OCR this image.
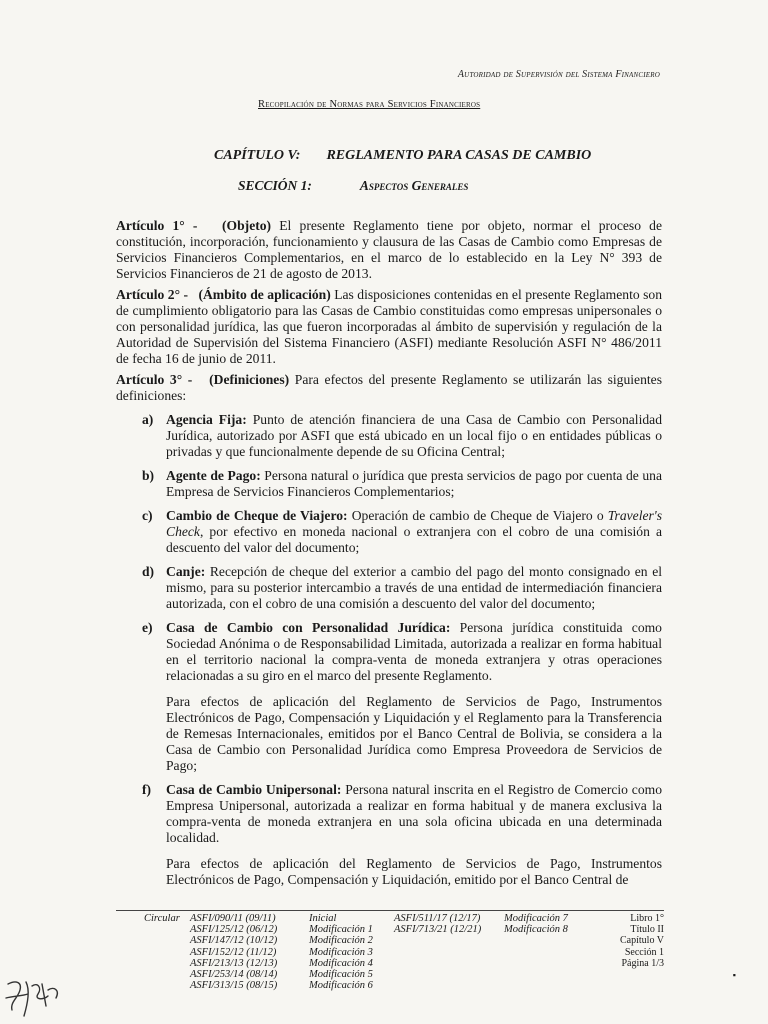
Autoridad de Supervisión del Sistema Financiero
Recopilación de Normas para Servicios Financieros
CAPÍTULO V: REGLAMENTO PARA CASAS DE CAMBIO
SECCIÓN 1:	Aspectos Generales

Artículo 1° - (Objeto) El presente Reglamento tiene por objeto, normar el proceso de constitución, incorporación, funcionamiento y clausura de las Casas de Cambio como Empresas de Servicios Financieros Complementarios, en el marco de lo establecido en la Ley N° 393 de Servicios Financieros de 21 de agosto de 2013.

Artículo 2° - (Ámbito de aplicación) Las disposiciones contenidas en el presente Reglamento son de cumplimiento obligatorio para las Casas de Cambio constituidas como empresas unipersonales o con personalidad jurídica, las que fueron incorporadas al ámbito de supervisión y regulación de la Autoridad de Supervisión del Sistema Financiero (ASFI) mediante Resolución ASFI N° 486/2011 de fecha 16 de junio de 2011.

Artículo 3° - (Definiciones) Para efectos del presente Reglamento se utilizarán las siguientes definiciones:

a) Agencia Fija: Punto de atención financiera de una Casa de Cambio con Personalidad Jurídica, autorizado por ASFI que está ubicado en un local fijo o en entidades públicas o privadas y que funcionalmente depende de su Oficina Central;

b) Agente de Pago: Persona natural o jurídica que presta servicios de pago por cuenta de una Empresa de Servicios Financieros Complementarios;

c) Cambio de Cheque de Viajero: Operación de cambio de Cheque de Viajero o Traveler's Check, por efectivo en moneda nacional o extranjera con el cobro de una comisión a descuento del valor del documento;

d) Canje: Recepción de cheque del exterior a cambio del pago del monto consignado en el mismo, para su posterior intercambio a través de una entidad de intermediación financiera autorizada, con el cobro de una comisión a descuento del valor del documento;

e) Casa de Cambio con Personalidad Jurídica: Persona jurídica constituida como Sociedad Anónima o de Responsabilidad Limitada, autorizada a realizar en forma habitual en el territorio nacional la compra-venta de moneda extranjera y otras operaciones relacionadas a su giro en el marco del presente Reglamento.

Para efectos de aplicación del Reglamento de Servicios de Pago, Instrumentos Electrónicos de Pago, Compensación y Liquidación y el Reglamento para la Transferencia de Remesas Internacionales, emitidos por el Banco Central de Bolivia, se considera a la Casa de Cambio con Personalidad Jurídica como Empresa Proveedora de Servicios de Pago;

f) Casa de Cambio Unipersonal: Persona natural inscrita en el Registro de Comercio como Empresa Unipersonal, autorizada a realizar en forma habitual y de manera exclusiva la compra-venta de moneda extranjera en una sola oficina ubicada en una determinada localidad.

Para efectos de aplicación del Reglamento de Servicios de Pago, Instrumentos Electrónicos de Pago, Compensación y Liquidación, emitido por el Banco Central de

Circular ASFI/090/11 (09/11)
ASFI/125/12 (06/12)
ASFI/147/12 (10/12)
ASFI/152/12 (11/12)
ASFI/213/13 (12/13)
ASFI/253/14 (08/14)
ASFI/313/15 (08/15)
Inicial
Modificación 1
Modificación 2
Modificación 3
Modificación 4
Modificación 5
Modificación 6
ASFI/511/17 (12/17)
ASFI/713/21 (12/21)
Modificación 7
Modificación 8
Libro 1°
Título II
Capítulo V
Sección 1
Página 1/3
▪
